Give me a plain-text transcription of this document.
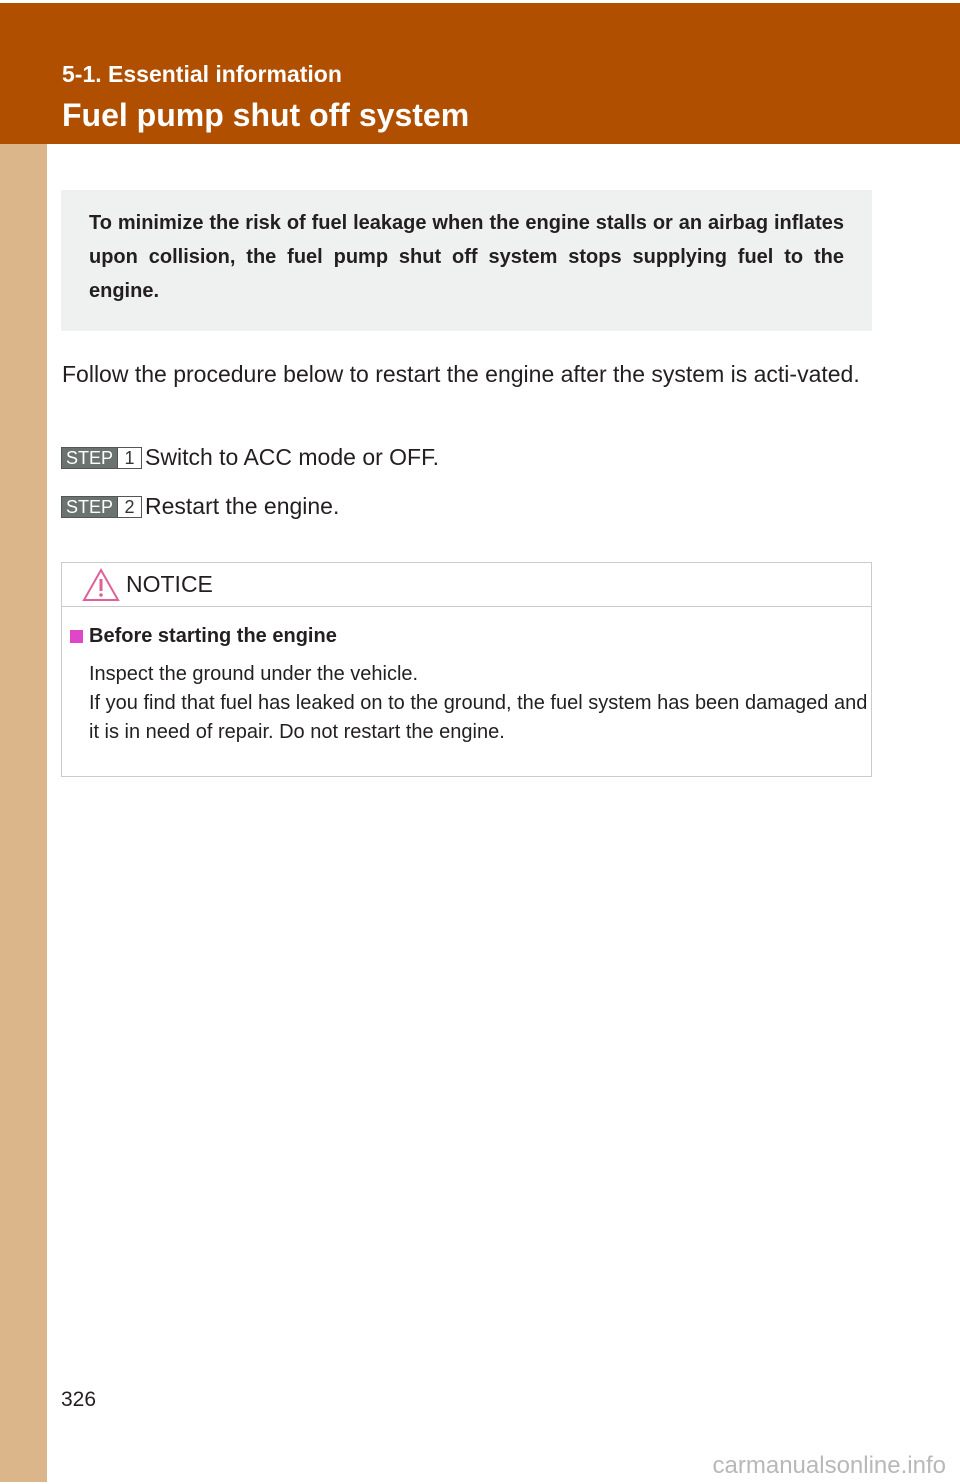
5-1. Essential information
Fuel pump shut off system
To minimize the risk of fuel leakage when the engine stalls or an airbag inflates upon collision, the fuel pump shut off system stops supplying fuel to the engine.
Follow the procedure below to restart the engine after the system is acti-vated.
STEP 1 Switch to ACC mode or OFF.
STEP 2 Restart the engine.
NOTICE
Before starting the engine
Inspect the ground under the vehicle.
If you find that fuel has leaked on to the ground, the fuel system has been damaged and it is in need of repair. Do not restart the engine.
326
carmanualsonline.info
